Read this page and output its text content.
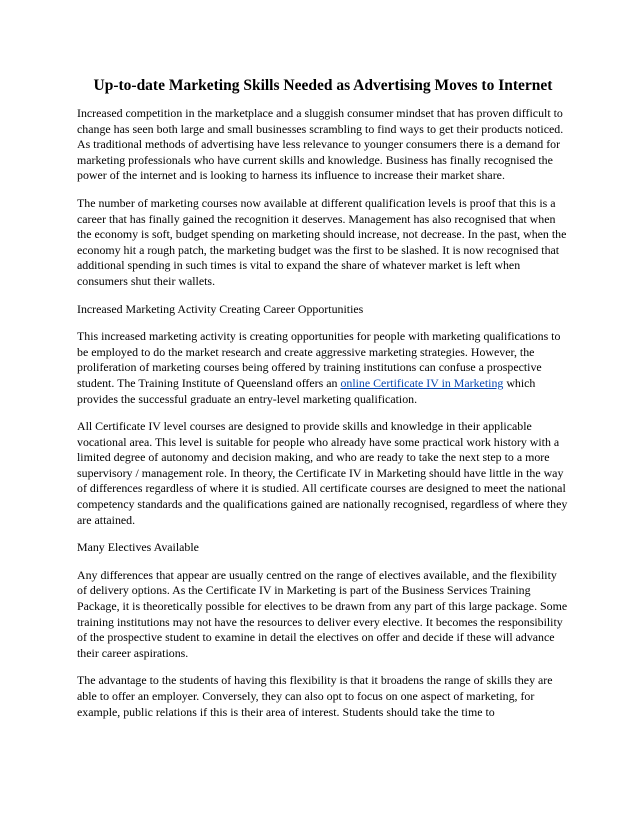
Up-to-date Marketing Skills Needed as Advertising Moves to Internet

Increased competition in the marketplace and a sluggish consumer mindset that has proven difficult to change has seen both large and small businesses scrambling to find ways to get their products noticed. As traditional methods of advertising have less relevance to younger consumers there is a demand for marketing professionals who have current skills and knowledge. Business has finally recognised the power of the internet and is looking to harness its influence to increase their market share.

The number of marketing courses now available at different qualification levels is proof that this is a career that has finally gained the recognition it deserves. Management has also recognised that when the economy is soft, budget spending on marketing should increase, not decrease. In the past, when the economy hit a rough patch, the marketing budget was the first to be slashed. It is now recognised that additional spending in such times is vital to expand the share of whatever market is left when consumers shut their wallets.

Increased Marketing Activity Creating Career Opportunities

This increased marketing activity is creating opportunities for people with marketing qualifications to be employed to do the market research and create aggressive marketing strategies. However, the proliferation of marketing courses being offered by training institutions can confuse a prospective student. The Training Institute of Queensland offers an online Certificate IV in Marketing which provides the successful graduate an entry-level marketing qualification.

All Certificate IV level courses are designed to provide skills and knowledge in their applicable vocational area. This level is suitable for people who already have some practical work history with a limited degree of autonomy and decision making, and who are ready to take the next step to a more supervisory / management role. In theory, the Certificate IV in Marketing should have little in the way of differences regardless of where it is studied. All certificate courses are designed to meet the national competency standards and the qualifications gained are nationally recognised, regardless of where they are attained.

Many Electives Available

Any differences that appear are usually centred on the range of electives available, and the flexibility of delivery options. As the Certificate IV in Marketing is part of the Business Services Training Package, it is theoretically possible for electives to be drawn from any part of this large package. Some training institutions may not have the resources to deliver every elective. It becomes the responsibility of the prospective student to examine in detail the electives on offer and decide if these will advance their career aspirations.

The advantage to the students of having this flexibility is that it broadens the range of skills they are able to offer an employer. Conversely, they can also opt to focus on one aspect of marketing, for example, public relations if this is their area of interest. Students should take the time to
